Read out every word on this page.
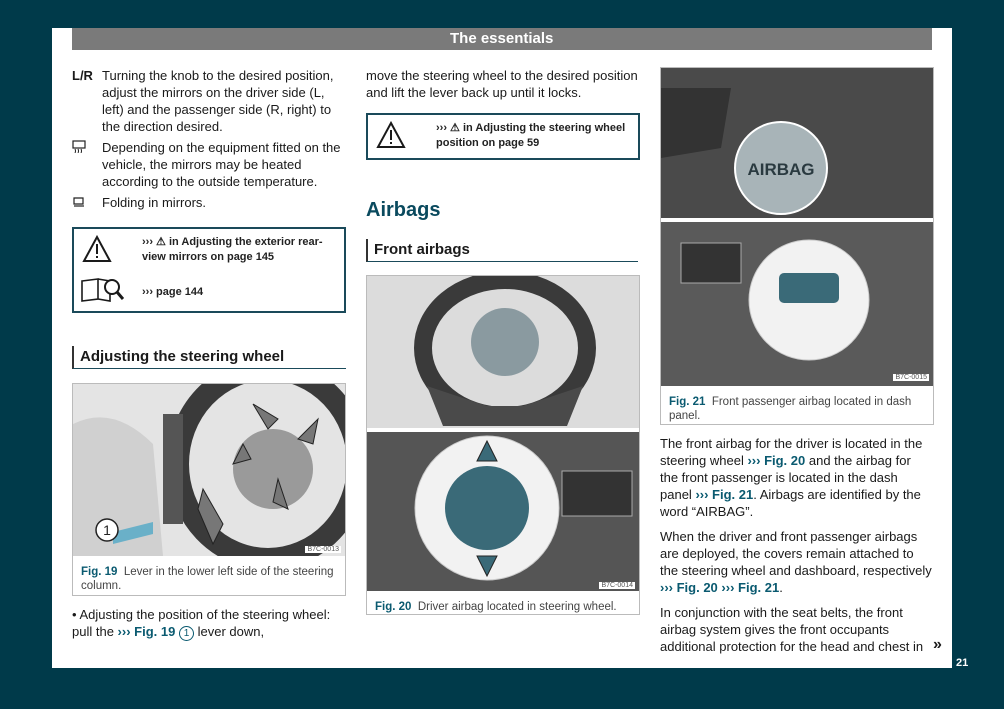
The essentials
L/R Turning the knob to the desired position, adjust the mirrors on the driver side (L, left) and the passenger side (R, right) to the direction desired.
Depending on the equipment fitted on the vehicle, the mirrors may be heated according to the outside temperature.
Folding in mirrors.
››› ⚠ in Adjusting the exterior rear-view mirrors on page 145
››› page 144
Adjusting the steering wheel
1
B7C-0013
Fig. 19 Lever in the lower left side of the steering column.
• Adjusting the position of the steering wheel: pull the ››› Fig. 19 1 lever down,
move the steering wheel to the desired position and lift the lever back up until it locks.
››› ⚠ in Adjusting the steering wheel position on page 59
Airbags
Front airbags
B7C-0014
Fig. 20 Driver airbag located in steering wheel.
AIRBAG
B7C-0015
Fig. 21 Front passenger airbag located in dash panel.

The front airbag for the driver is located in the steering wheel ››› Fig. 20 and the airbag for the front passenger is located in the dash panel ››› Fig. 21. Airbags are identified by the word “AIRBAG”.

When the driver and front passenger airbags are deployed, the covers remain attached to the steering wheel and dashboard, respectively ››› Fig. 20 ››› Fig. 21.

In conjunction with the seat belts, the front airbag system gives the front occupants additional protection for the head and chest in »
21
